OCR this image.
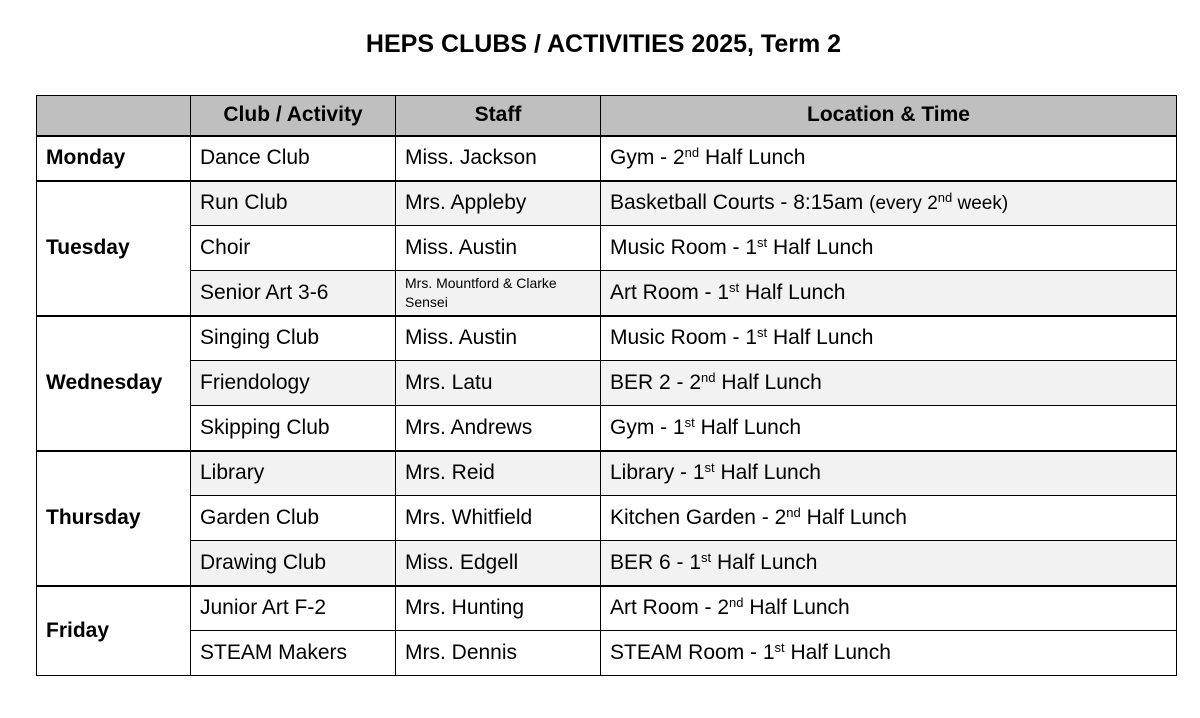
HEPS CLUBS / ACTIVITIES 2025, Term 2
	Club / Activity	Staff	Location & Time
Monday	Dance Club	Miss. Jackson	Gym - 2nd Half Lunch
Tuesday	Run Club	Mrs. Appleby	Basketball Courts - 8:15am (every 2nd week)
	Choir	Miss. Austin	Music Room - 1st Half Lunch
	Senior Art 3-6	Mrs. Mountford & Clarke Sensei	Art Room - 1st Half Lunch
Wednesday	Singing Club	Miss. Austin	Music Room - 1st Half Lunch
	Friendology	Mrs. Latu	BER 2 - 2nd Half Lunch
	Skipping Club	Mrs. Andrews	Gym - 1st Half Lunch
Thursday	Library	Mrs. Reid	Library - 1st Half Lunch
	Garden Club	Mrs. Whitfield	Kitchen Garden - 2nd Half Lunch
	Drawing Club	Miss. Edgell	BER 6 - 1st Half Lunch
Friday	Junior Art F-2	Mrs. Hunting	Art Room - 2nd Half Lunch
	STEAM Makers	Mrs. Dennis	STEAM Room - 1st Half Lunch
